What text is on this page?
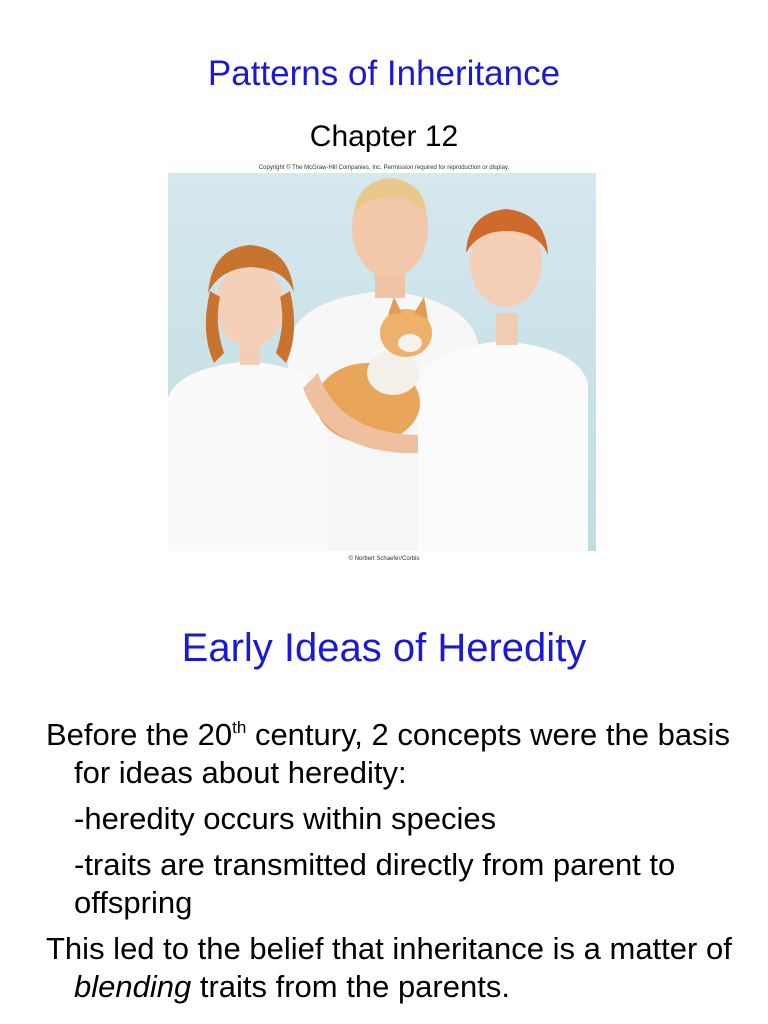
Patterns of Inheritance
Chapter 12
Copyright © The McGraw-Hill Companies, Inc. Permission required for reproduction or display.
© Norbert Schaefer/Corbis
Early Ideas of Heredity

Before the 20th century, 2 concepts were the basis for ideas about heredity:

-heredity occurs within species

-traits are transmitted directly from parent to offspring

This led to the belief that inheritance is a matter of blending traits from the parents.
